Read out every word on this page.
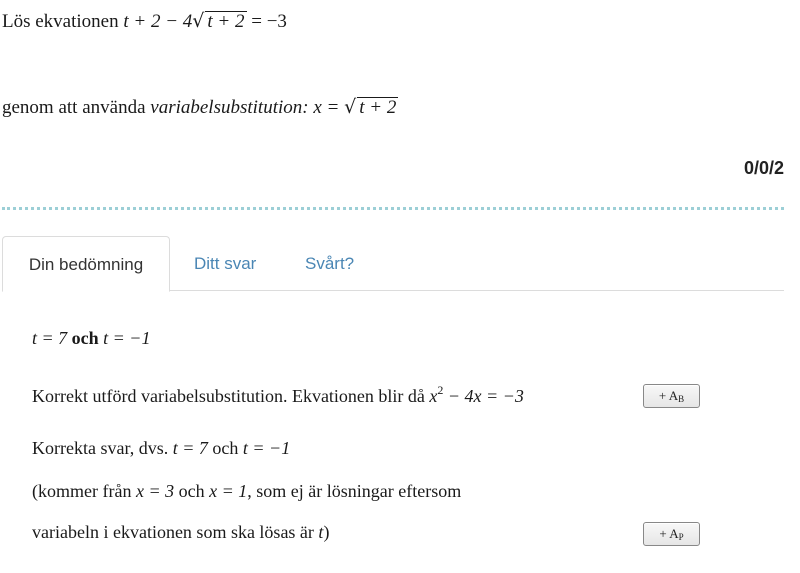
Lös ekvationen t + 2 − 4√ t + 2 = −3
genom att använda variabelsubstitution: x = √ t + 2
0/0/2
Din bedömning	Ditt svar	Svårt?
t = 7 och t = −1
Korrekt utförd variabelsubstitution. Ekvationen blir då $x^2 - 4x = -3$	+ $A_B$
Korrekta svar, dvs. t = 7 och t = −1
(kommer från x = 3 och x = 1, som ej är lösningar eftersom
variabeln i ekvationen som ska lösas är t)	+ $A_P$
